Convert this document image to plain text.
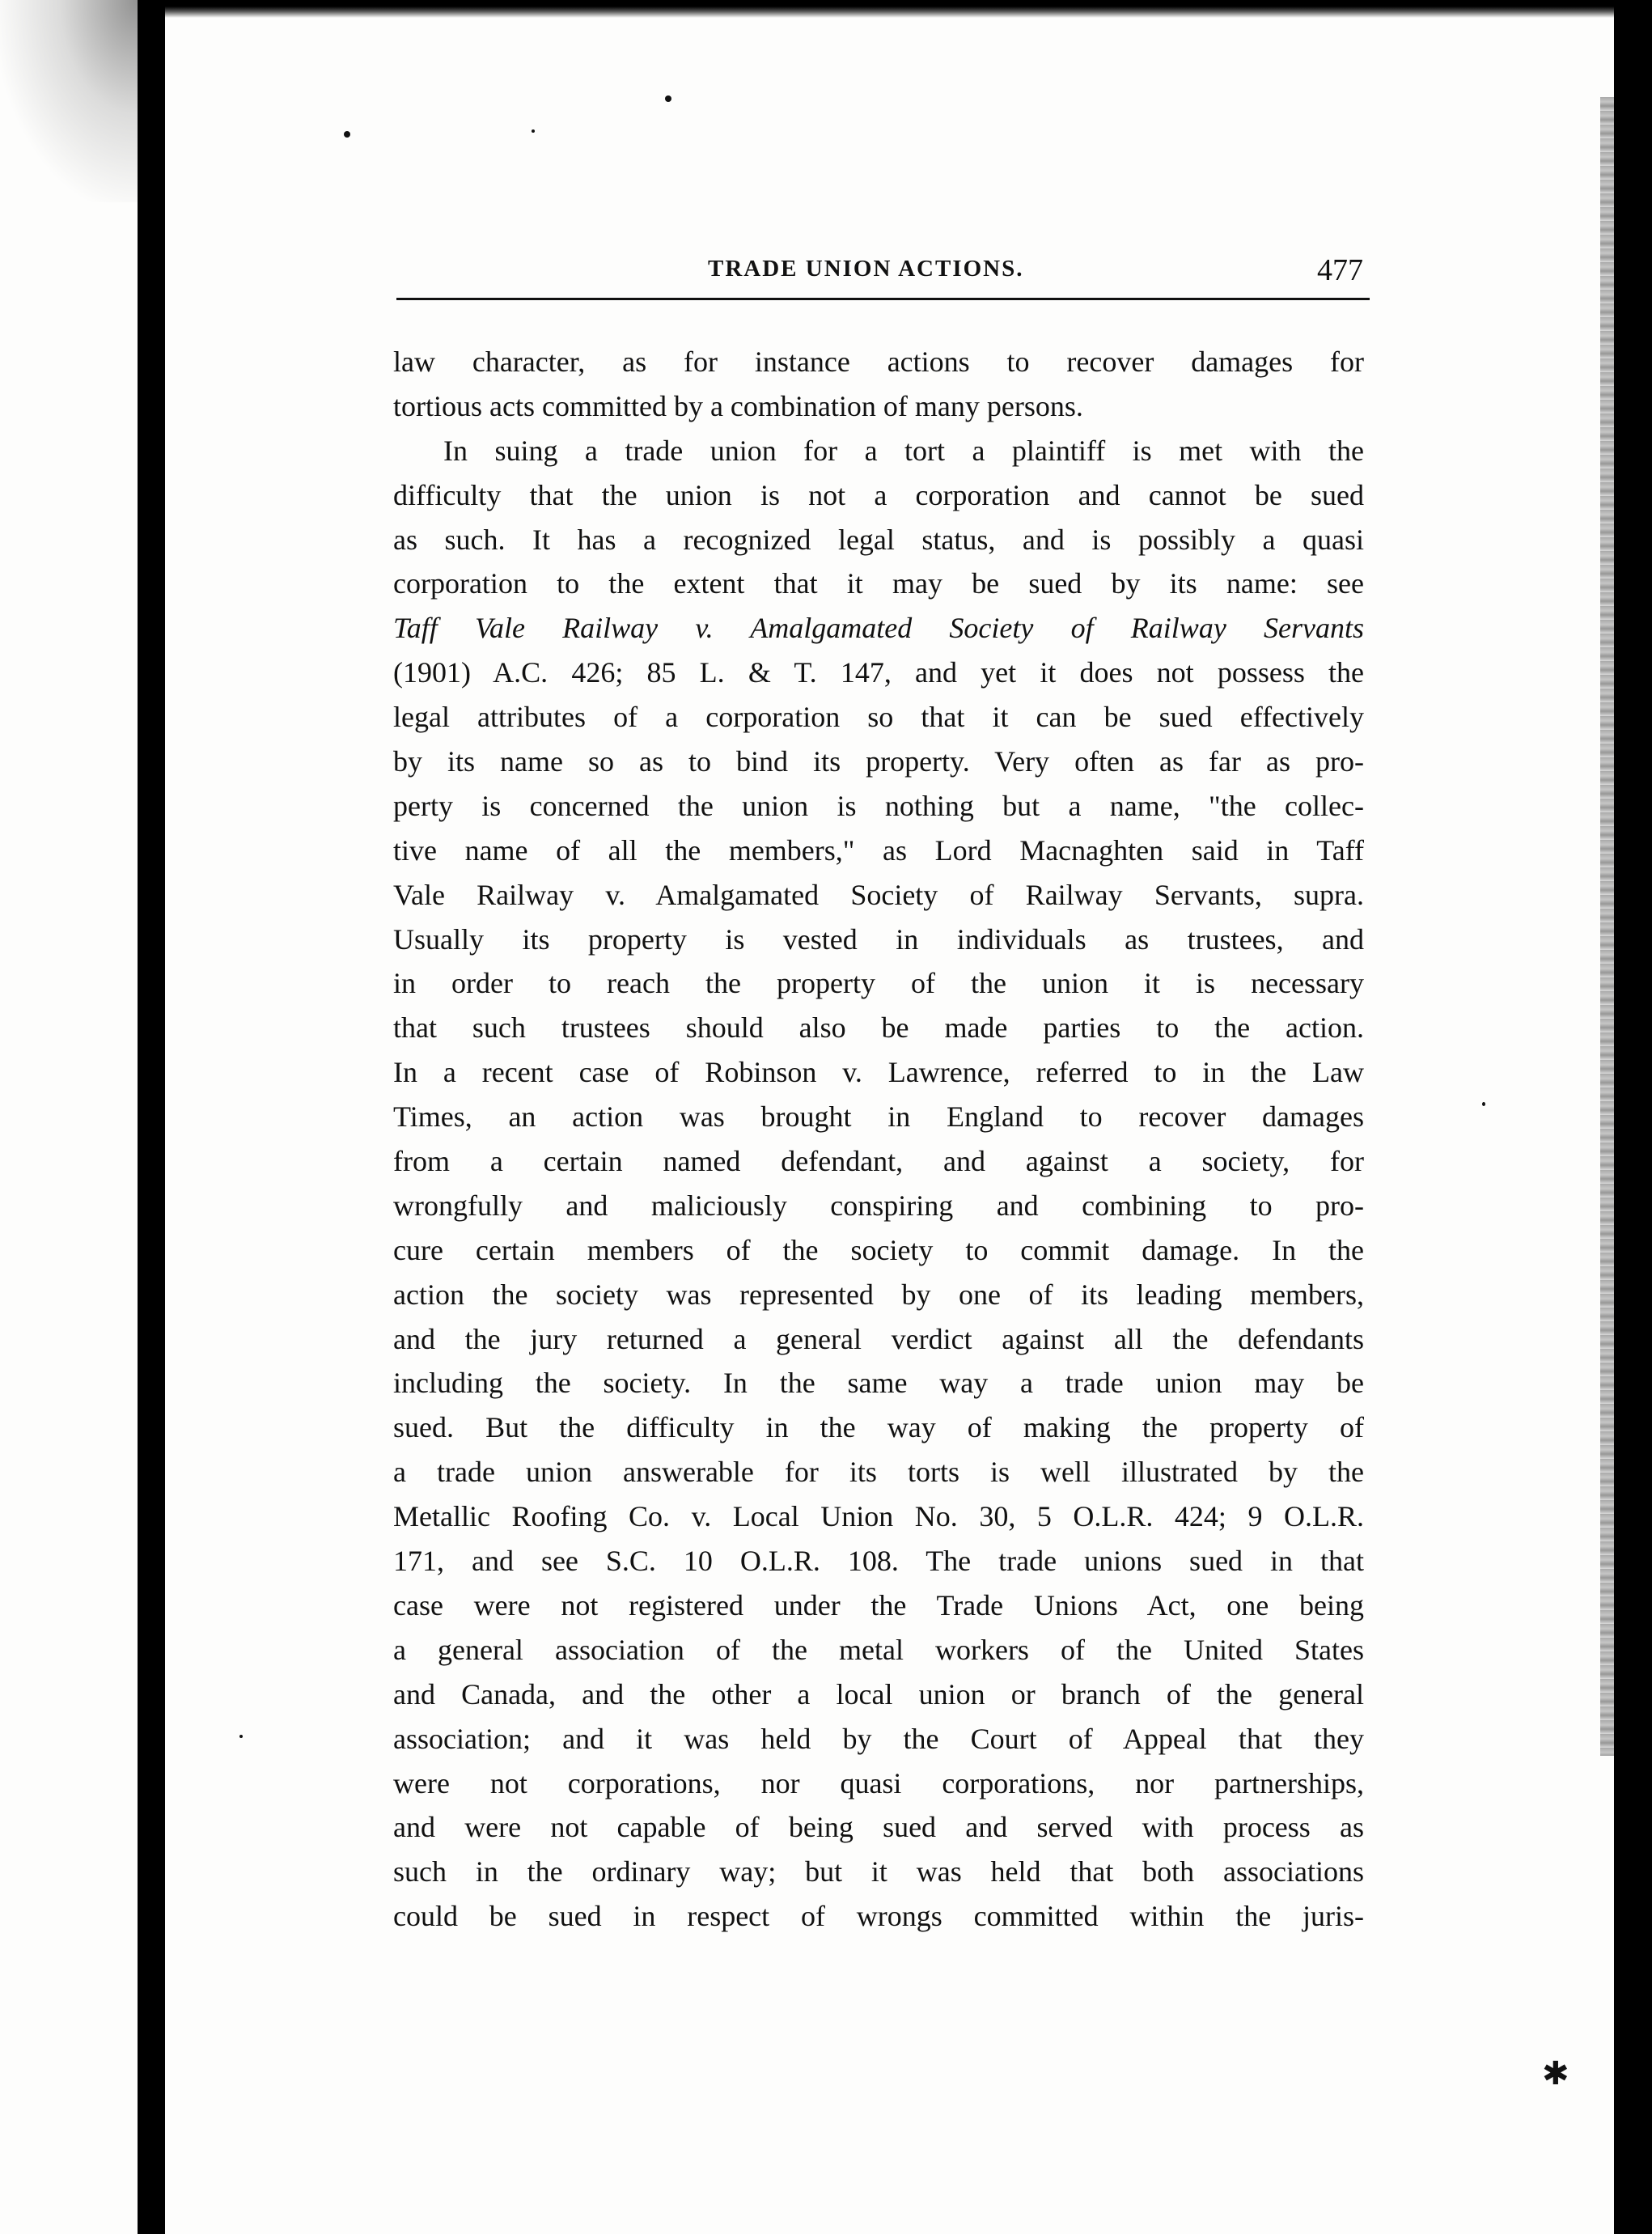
TRADE UNION ACTIONS.	477
law character, as for instance actions to recover damages for
tortious acts committed by a combination of many persons.
In suing a trade union for a tort a plaintiff is met with the
difficulty that the union is not a corporation and cannot be sued
as such. It has a recognized legal status, and is possibly a quasi
corporation to the extent that it may be sued by its name: see
Taff Vale Railway v. Amalgamated Society of Railway Servants
(1901) A.C. 426; 85 L. & T. 147, and yet it does not possess the
legal attributes of a corporation so that it can be sued effectively
by its name so as to bind its property. Very often as far as pro-
perty is concerned the union is nothing but a name, "the collec-
tive name of all the members," as Lord Macnaghten said in Taff
Vale Railway v. Amalgamated Society of Railway Servants, supra.
Usually its property is vested in individuals as trustees, and
in order to reach the property of the union it is necessary
that such trustees should also be made parties to the action.
In a recent case of Robinson v. Lawrence, referred to in the Law
Times, an action was brought in England to recover damages
from a certain named defendant, and against a society, for
wrongfully and maliciously conspiring and combining to pro-
cure certain members of the society to commit damage. In the
action the society was represented by one of its leading members,
and the jury returned a general verdict against all the defendants
including the society. In the same way a trade union may be
sued. But the difficulty in the way of making the property of
a trade union answerable for its torts is well illustrated by the
Metallic Roofing Co. v. Local Union No. 30, 5 O.L.R. 424; 9 O.L.R.
171, and see S.C. 10 O.L.R. 108. The trade unions sued in that
case were not registered under the Trade Unions Act, one being
a general association of the metal workers of the United States
and Canada, and the other a local union or branch of the general
association; and it was held by the Court of Appeal that they
were not corporations, nor quasi corporations, nor partnerships,
and were not capable of being sued and served with process as
such in the ordinary way; but it was held that both associations
could be sued in respect of wrongs committed within the juris-
✱
